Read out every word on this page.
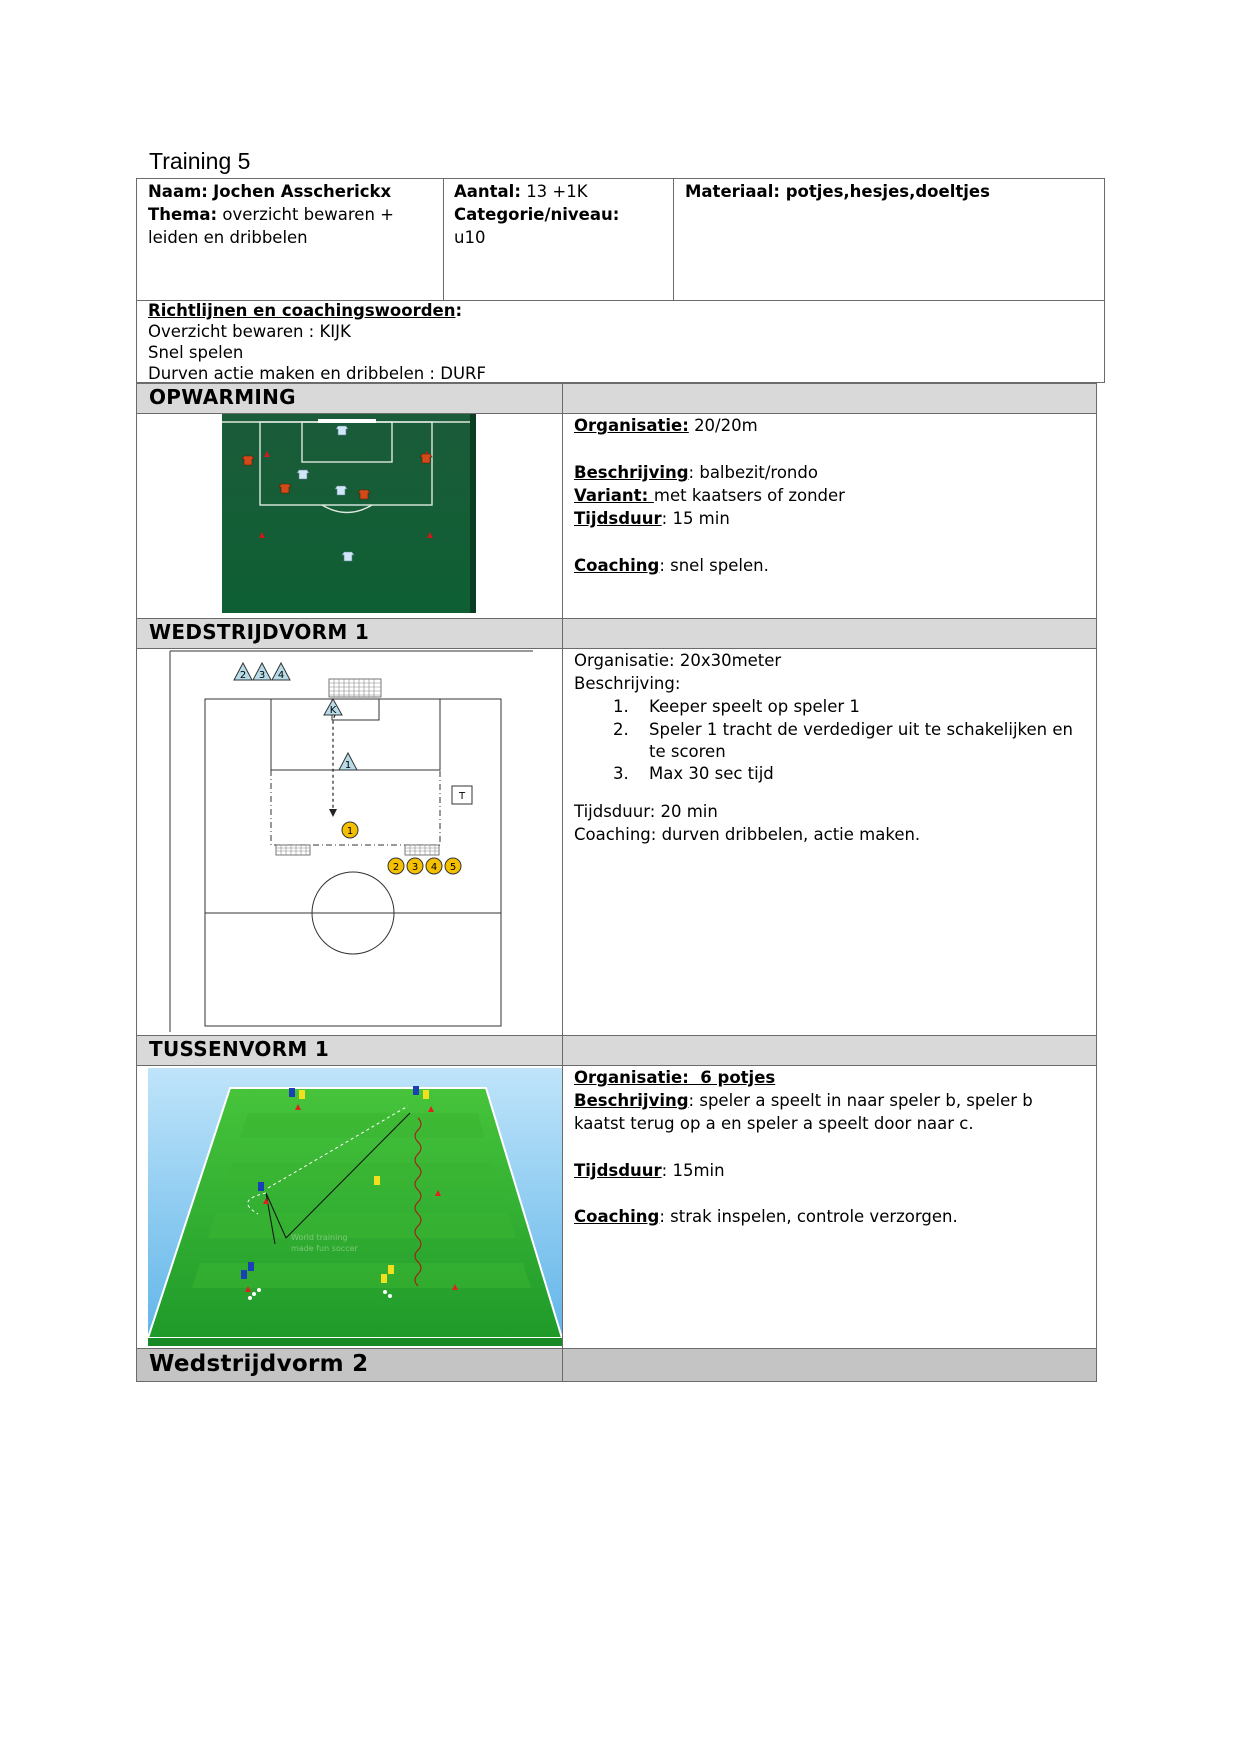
Training 5
Naam: Jochen Asscherickx
Thema: overzicht bewaren +
leiden en dribbelen
Aantal: 13 +1K
Categorie/niveau:
u10
Materiaal: potjes,hesjes,doeltjes
Richtlijnen en coachingswoorden:
Overzicht bewaren : KIJK
Snel spelen
Durven actie maken en dribbelen : DURF
OPWARMING
WEDSTRIJDVORM 1
TUSSENVORM 1
Wedstrijdvorm 2
Organisatie: 20/20m
Beschrijving: balbezit/rondo
Variant: met kaatsers of zonder
Tijdsduur: 15 min
Coaching: snel spelen.
2 3 4
K
1
1
T
2 3 4 5
Organisatie: 20x30meter
Beschrijving:
1. Keeper speelt op speler 1
2. Speler 1 tracht de verdediger uit te schakelijken en
te scoren
3. Max 30 sec tijd
Tijdsduur: 20 min
Coaching: durven dribbelen, actie maken.
World training
made fun soccer
Organisatie:  6 potjes
Beschrijving: speler a speelt in naar speler b, speler b
kaatst terug op a en speler a speelt door naar c.
Tijdsduur: 15min
Coaching: strak inspelen, controle verzorgen.
